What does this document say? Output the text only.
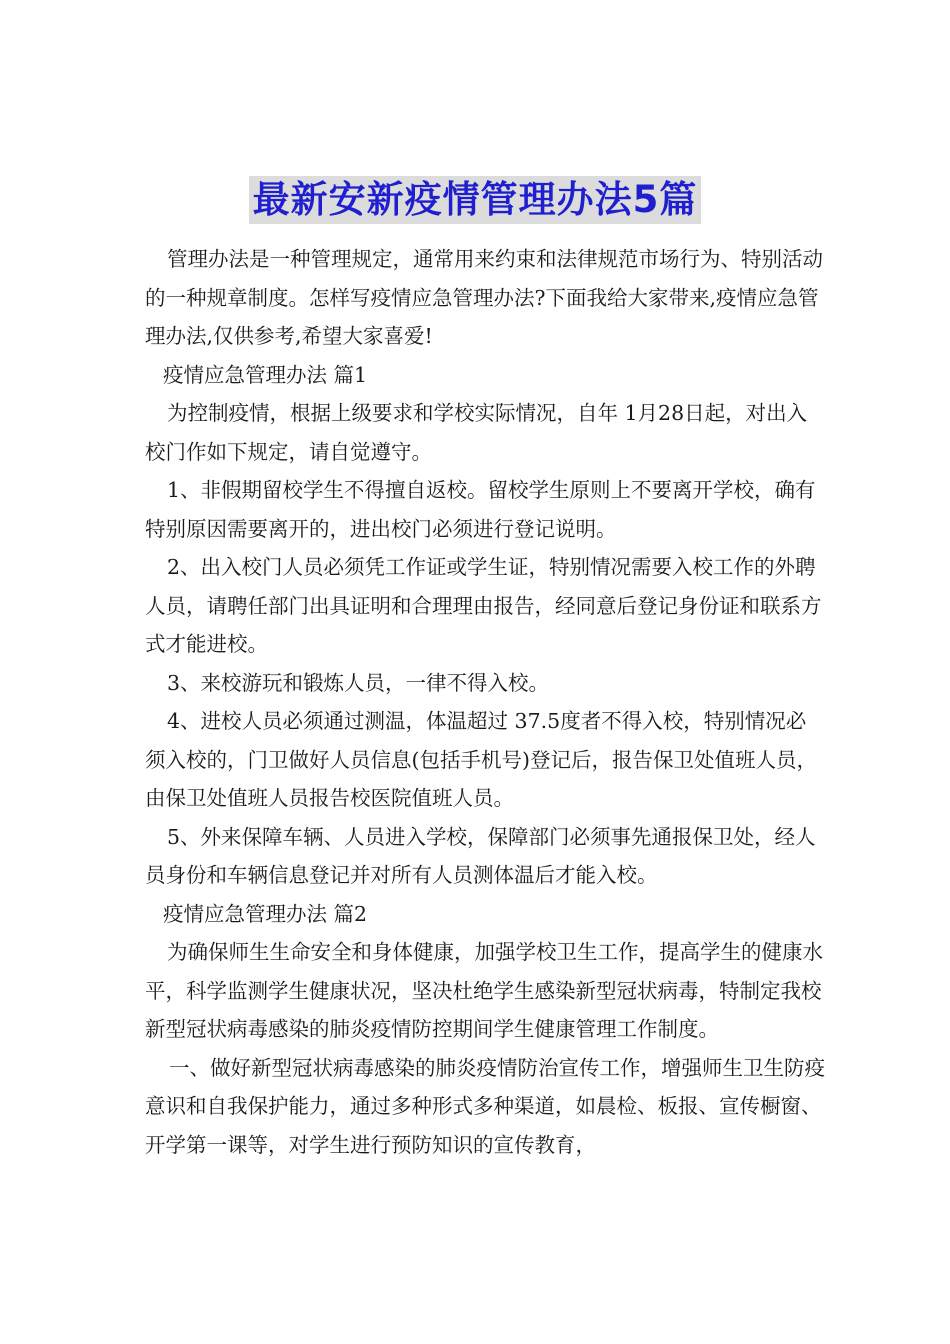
最新安新疫情管理办法5篇

管理办法是一种管理规定，通常用来约束和法律规范市场行为、特别活动的一种规章制度。怎样写疫情应急管理办法?下面我给大家带来,疫情应急管理办法,仅供参考,希望大家喜爱!

疫情应急管理办法 篇1

为控制疫情，根据上级要求和学校实际情况，自年 1月28日起，对出入校门作如下规定，请自觉遵守。

1、非假期留校学生不得擅自返校。留校学生原则上不要离开学校，确有特别原因需要离开的，进出校门必须进行登记说明。

2、出入校门人员必须凭工作证或学生证，特别情况需要入校工作的外聘人员，请聘任部门出具证明和合理理由报告，经同意后登记身份证和联系方式才能进校。

3、来校游玩和锻炼人员，一律不得入校。

4、进校人员必须通过测温，体温超过 37.5度者不得入校，特别情况必须入校的，门卫做好人员信息(包括手机号)登记后，报告保卫处值班人员，由保卫处值班人员报告校医院值班人员。

5、外来保障车辆、人员进入学校，保障部门必须事先通报保卫处，经人员身份和车辆信息登记并对所有人员测体温后才能入校。

疫情应急管理办法 篇2

为确保师生生命安全和身体健康，加强学校卫生工作，提高学生的健康水平，科学监测学生健康状况，坚决杜绝学生感染新型冠状病毒，特制定我校新型冠状病毒感染的肺炎疫情防控期间学生健康管理工作制度。

一、做好新型冠状病毒感染的肺炎疫情防治宣传工作，增强师生卫生防疫意识和自我保护能力，通过多种形式多种渠道，如晨检、板报、宣传橱窗、开学第一课等，对学生进行预防知识的宣传教育，
